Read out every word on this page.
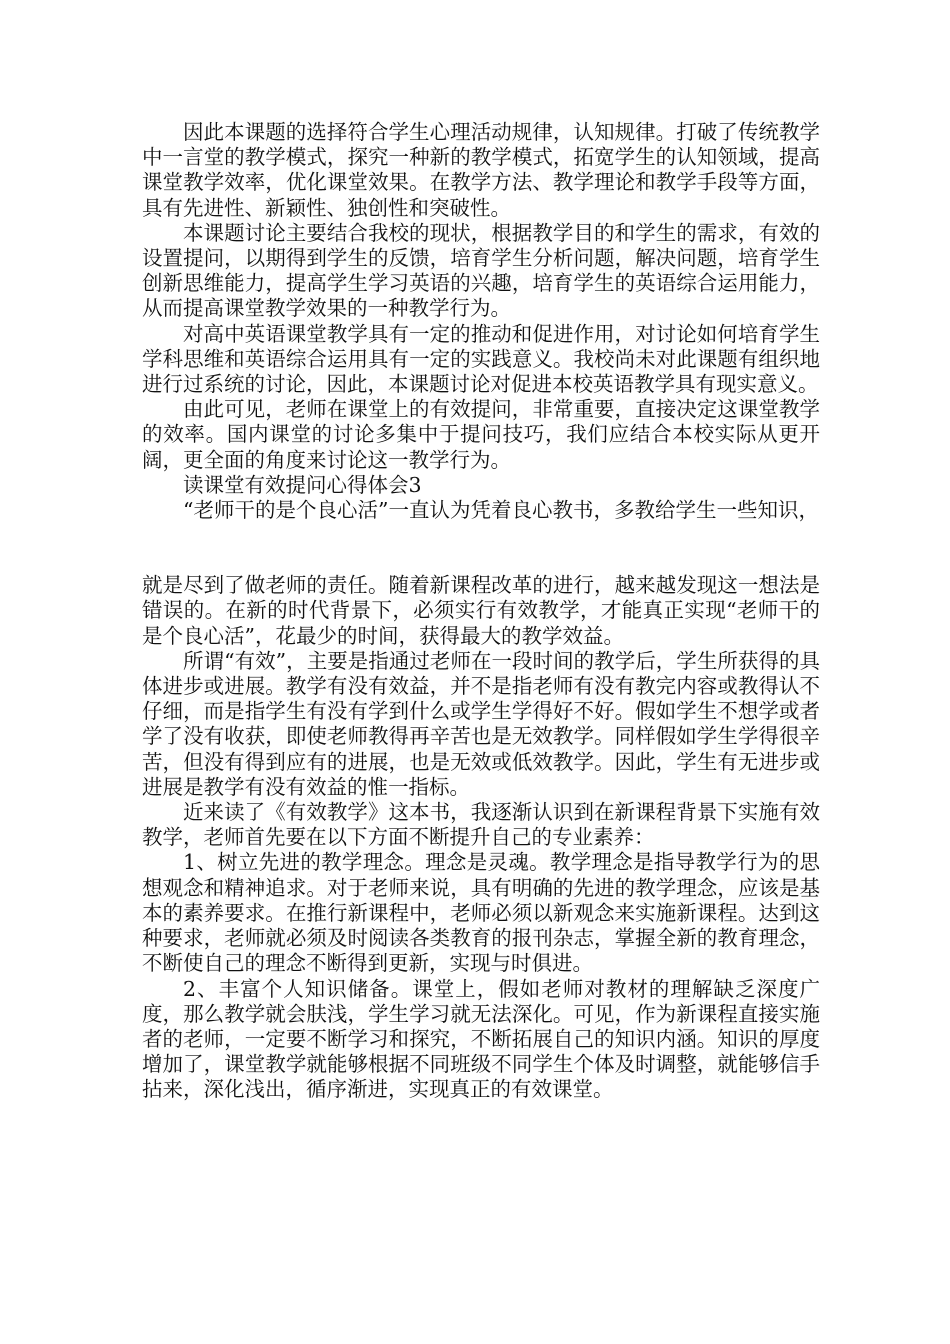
因此本课题的选择符合学生心理活动规律，认知规律。打破了传统教学中一言堂的教学模式，探究一种新的教学模式，拓宽学生的认知领域，提高课堂教学效率，优化课堂效果。在教学方法、教学理论和教学手段等方面，具有先进性、新颖性、独创性和突破性。

本课题讨论主要结合我校的现状，根据教学目的和学生的需求，有效的设置提问，以期得到学生的反馈，培育学生分析问题，解决问题，培育学生创新思维能力，提高学生学习英语的兴趣，培育学生的英语综合运用能力，从而提高课堂教学效果的一种教学行为。

对高中英语课堂教学具有一定的推动和促进作用，对讨论如何培育学生学科思维和英语综合运用具有一定的实践意义。我校尚未对此课题有组织地进行过系统的讨论，因此，本课题讨论对促进本校英语教学具有现实意义。

由此可见，老师在课堂上的有效提问，非常重要，直接决定这课堂教学的效率。国内课堂的讨论多集中于提问技巧，我们应结合本校实际从更开阔，更全面的角度来讨论这一教学行为。

读课堂有效提问心得体会3

“老师干的是个良心活”一直认为凭着良心教书，多教给学生一些知识，

就是尽到了做老师的责任。随着新课程改革的进行，越来越发现这一想法是错误的。在新的时代背景下，必须实行有效教学，才能真正实现“老师干的是个良心活”，花最少的时间，获得最大的教学效益。

所谓“有效”，主要是指通过老师在一段时间的教学后，学生所获得的具体进步或进展。教学有没有效益，并不是指老师有没有教完内容或教得认不仔细，而是指学生有没有学到什么或学生学得好不好。假如学生不想学或者学了没有收获，即使老师教得再辛苦也是无效教学。同样假如学生学得很辛苦，但没有得到应有的进展，也是无效或低效教学。因此，学生有无进步或进展是教学有没有效益的惟一指标。

近来读了《有效教学》这本书，我逐渐认识到在新课程背景下实施有效教学，老师首先要在以下方面不断提升自己的专业素养：

1、树立先进的教学理念。理念是灵魂。教学理念是指导教学行为的思想观念和精神追求。对于老师来说，具有明确的先进的教学理念，应该是基本的素养要求。在推行新课程中，老师必须以新观念来实施新课程。达到这种要求，老师就必须及时阅读各类教育的报刊杂志，掌握全新的教育理念，不断使自己的理念不断得到更新，实现与时俱进。

2、丰富个人知识储备。课堂上，假如老师对教材的理解缺乏深度广度，那么教学就会肤浅，学生学习就无法深化。可见，作为新课程直接实施者的老师，一定要不断学习和探究，不断拓展自己的知识内涵。知识的厚度增加了，课堂教学就能够根据不同班级不同学生个体及时调整，就能够信手拈来，深化浅出，循序渐进，实现真正的有效课堂。
